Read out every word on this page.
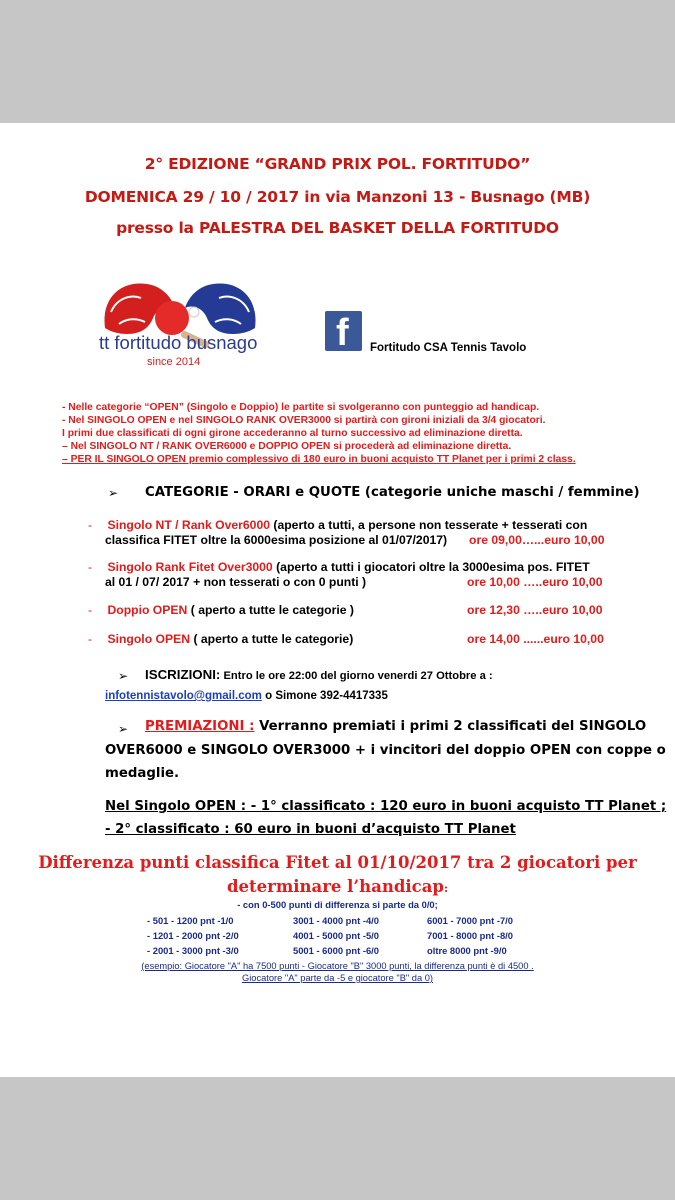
2° EDIZIONE “GRAND PRIX POL. FORTITUDO”
DOMENICA 29 / 10 / 2017 in via Manzoni 13 - Busnago (MB)
presso la PALESTRA DEL BASKET DELLA FORTITUDO
tt fortitudo busnago
since 2014
f Fortitudo CSA Tennis Tavolo
- Nelle categorie “OPEN” (Singolo e Doppio) le partite si svolgeranno con punteggio ad handicap.
- Nel SINGOLO OPEN e nel SINGOLO RANK OVER3000 si partirà con gironi iniziali da 3/4 giocatori.
I primi due classificati di ogni girone accederanno al turno successivo ad eliminazione diretta.
– Nel SINGOLO NT / RANK OVER6000 e DOPPIO OPEN si procederà ad eliminazione diretta.
– PER IL SINGOLO OPEN premio complessivo di 180 euro in buoni acquisto TT Planet per i primi 2 class.
➢ CATEGORIE - ORARI e QUOTE (categorie uniche maschi / femmine)
- Singolo NT / Rank Over6000 (aperto a tutti, a persone non tesserate + tesserati con
classifica FITET oltre la 6000esima posizione al 01/07/2017) ore 09,00…...euro 10,00
- Singolo Rank Fitet Over3000 (aperto a tutti i giocatori oltre la 3000esima pos. FITET
al 01 / 07/ 2017 + non tesserati o con 0 punti )	ore 10,00 …..euro 10,00
- Doppio OPEN ( aperto a tutte le categorie )	ore 12,30 …..euro 10,00
- Singolo OPEN ( aperto a tutte le categorie)	ore 14,00 ......euro 10,00
➢ ISCRIZIONI: Entro le ore 22:00 del giorno venerdi 27 Ottobre a :
infotennistavolo@gmail.com o Simone 392-4417335
➢ PREMIAZIONI : Verranno premiati i primi 2 classificati del SINGOLO
OVER6000 e SINGOLO OVER3000 + i vincitori del doppio OPEN con coppe o
medaglie.
Nel Singolo OPEN : - 1° classificato : 120 euro in buoni acquisto TT Planet ;
- 2° classificato : 60 euro in buoni d’acquisto TT Planet
Differenza punti classifica Fitet al 01/10/2017 tra 2 giocatori per
determinare l’handicap:
- con 0-500 punti di differenza si parte da 0/0;
- 501 - 1200 pnt -1/0	3001 - 4000 pnt -4/0	6001 - 7000 pnt -7/0
- 1201 - 2000 pnt -2/0	4001 - 5000 pnt -5/0	7001 - 8000 pnt -8/0
- 2001 - 3000 pnt -3/0	5001 - 6000 pnt -6/0	oltre 8000 pnt -9/0
(esempio: Giocatore "A" ha 7500 punti - Giocatore "B" 3000 punti, la differenza punti è di 4500 .
Giocatore "A" parte da -5 e giocatore "B" da 0)
